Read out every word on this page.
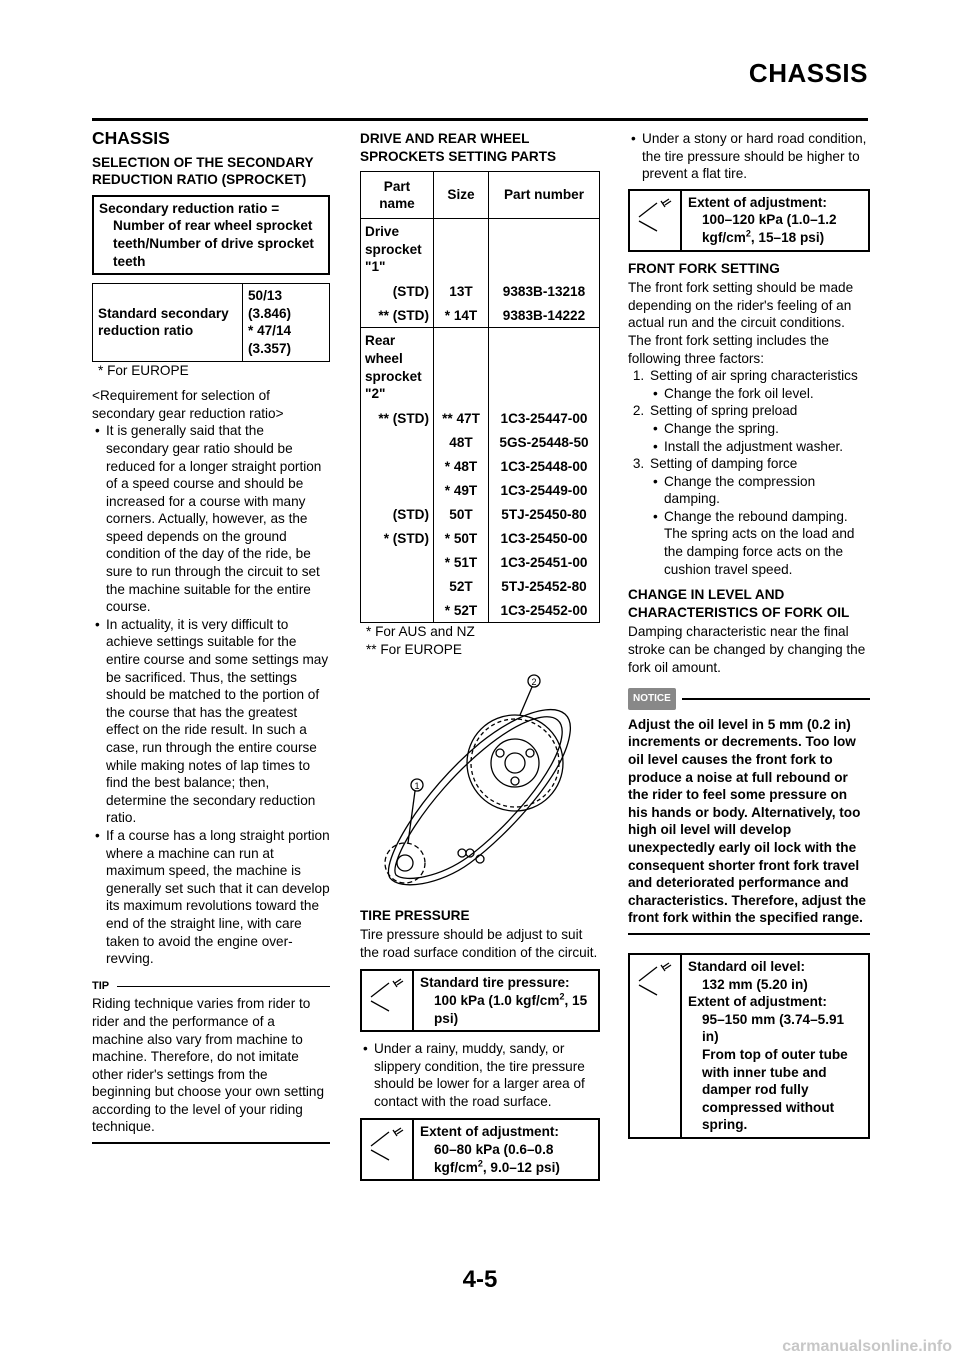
CHASSIS
CHASSIS
SELECTION OF THE SECONDARY REDUCTION RATIO (SPROCKET)
Secondary reduction ratio =
Number of rear wheel sprocket teeth/Number of drive sprocket teeth
Standard secondary reduction ratio	
50/13
(3.846)
* 47/14
(3.357)
* For EUROPE

<Requirement for selection of secondary gear reduction ratio>

• It is generally said that the secondary gear ratio should be reduced for a longer straight portion of a speed course and should be increased for a course with many corners. Actually, however, as the speed depends on the ground condition of the day of the ride, be sure to run through the circuit to set the machine suitable for the entire course.
• In actuality, it is very difficult to achieve settings suitable for the entire course and some settings may be sacrificed. Thus, the settings should be matched to the portion of the course that has the greatest effect on the ride result. In such a case, run through the entire course while making notes of lap times to find the best balance; then, determine the secondary reduction ratio.
• If a course has a long straight portion where a machine can run at maximum speed, the machine is generally set such that it can develop its maximum revolutions toward the end of the straight line, with care taken to avoid the engine over-revving.
TIP

Riding technique varies from rider to rider and the performance of a machine also vary from machine to machine. Therefore, do not imitate other rider's settings from the beginning but choose your own setting according to the level of your riding technique.

DRIVE AND REAR WHEEL SPROCKETS SETTING PARTS
Part name	Size	Part number
Drive sprocket "1"		
(STD)	13T	9383B-13218
** (STD)	* 14T	9383B-14222
Rear wheel sprocket "2"		
** (STD)	** 47T	1C3-25447-00
	48T	5GS-25448-50
	* 48T	1C3-25448-00
	* 49T	1C3-25449-00
(STD)	50T	5TJ-25450-80
* (STD)	* 50T	1C3-25450-00
	* 51T	1C3-25451-00
	52T	5TJ-25452-80
	* 52T	1C3-25452-00
* For AUS and NZ
** For EUROPE
2
1
TIRE PRESSURE

Tire pressure should be adjust to suit the road surface condition of the circuit.

Standard tire pressure:
100 kPa (1.0 kgf/$cm^2$, 15 psi)
• Under a rainy, muddy, sandy, or slippery condition, the tire pressure should be lower for a larger area of contact with the road surface.
Extent of adjustment:
60–80 kPa (0.6–0.8 kgf/$cm^2$, 9.0–12 psi)
• Under a stony or hard road condition, the tire pressure should be higher to prevent a flat tire.
Extent of adjustment:
100–120 kPa (1.0–1.2 kgf/$cm^2$, 15–18 psi)
FRONT FORK SETTING

The front fork setting should be made depending on the rider's feeling of an actual run and the circuit conditions. The front fork setting includes the following three factors:

1. Setting of air spring characteristics
• Change the fork oil level.
2. Setting of spring preload
• Change the spring.
• Install the adjustment washer.
3. Setting of damping force
• Change the compression damping.
• Change the rebound damping. The spring acts on the load and the damping force acts on the cushion travel speed.
CHANGE IN LEVEL AND CHARACTERISTICS OF FORK OIL

Damping characteristic near the final stroke can be changed by changing the fork oil amount.

NOTICE

Adjust the oil level in 5 mm (0.2 in) increments or decrements. Too low oil level causes the front fork to produce a noise at full rebound or the rider to feel some pressure on his hands or body. Alternatively, too high oil level will develop unexpectedly early oil lock with the consequent shorter front fork travel and deteriorated performance and characteristics. Therefore, adjust the front fork within the specified range.

Standard oil level:
132 mm (5.20 in)
Extent of adjustment:
95–150 mm (3.74–5.91 in)
From top of outer tube with inner tube and damper rod fully compressed without spring.
4-5
carmanualsonline.info
